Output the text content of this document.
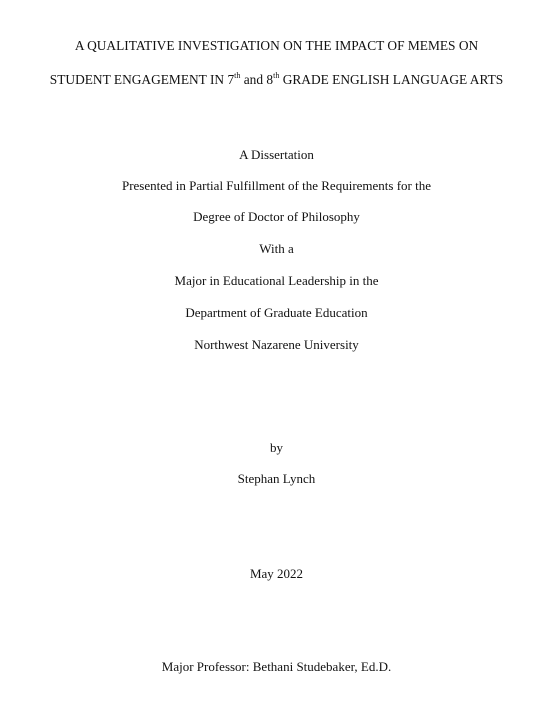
A QUALITATIVE INVESTIGATION ON THE IMPACT OF MEMES ON
STUDENT ENGAGEMENT IN 7th and 8th GRADE ENGLISH LANGUAGE ARTS
A Dissertation
Presented in Partial Fulfillment of the Requirements for the
Degree of Doctor of Philosophy
With a
Major in Educational Leadership in the
Department of Graduate Education
Northwest Nazarene University
by
Stephan Lynch
May 2022
Major Professor: Bethani Studebaker, Ed.D.
